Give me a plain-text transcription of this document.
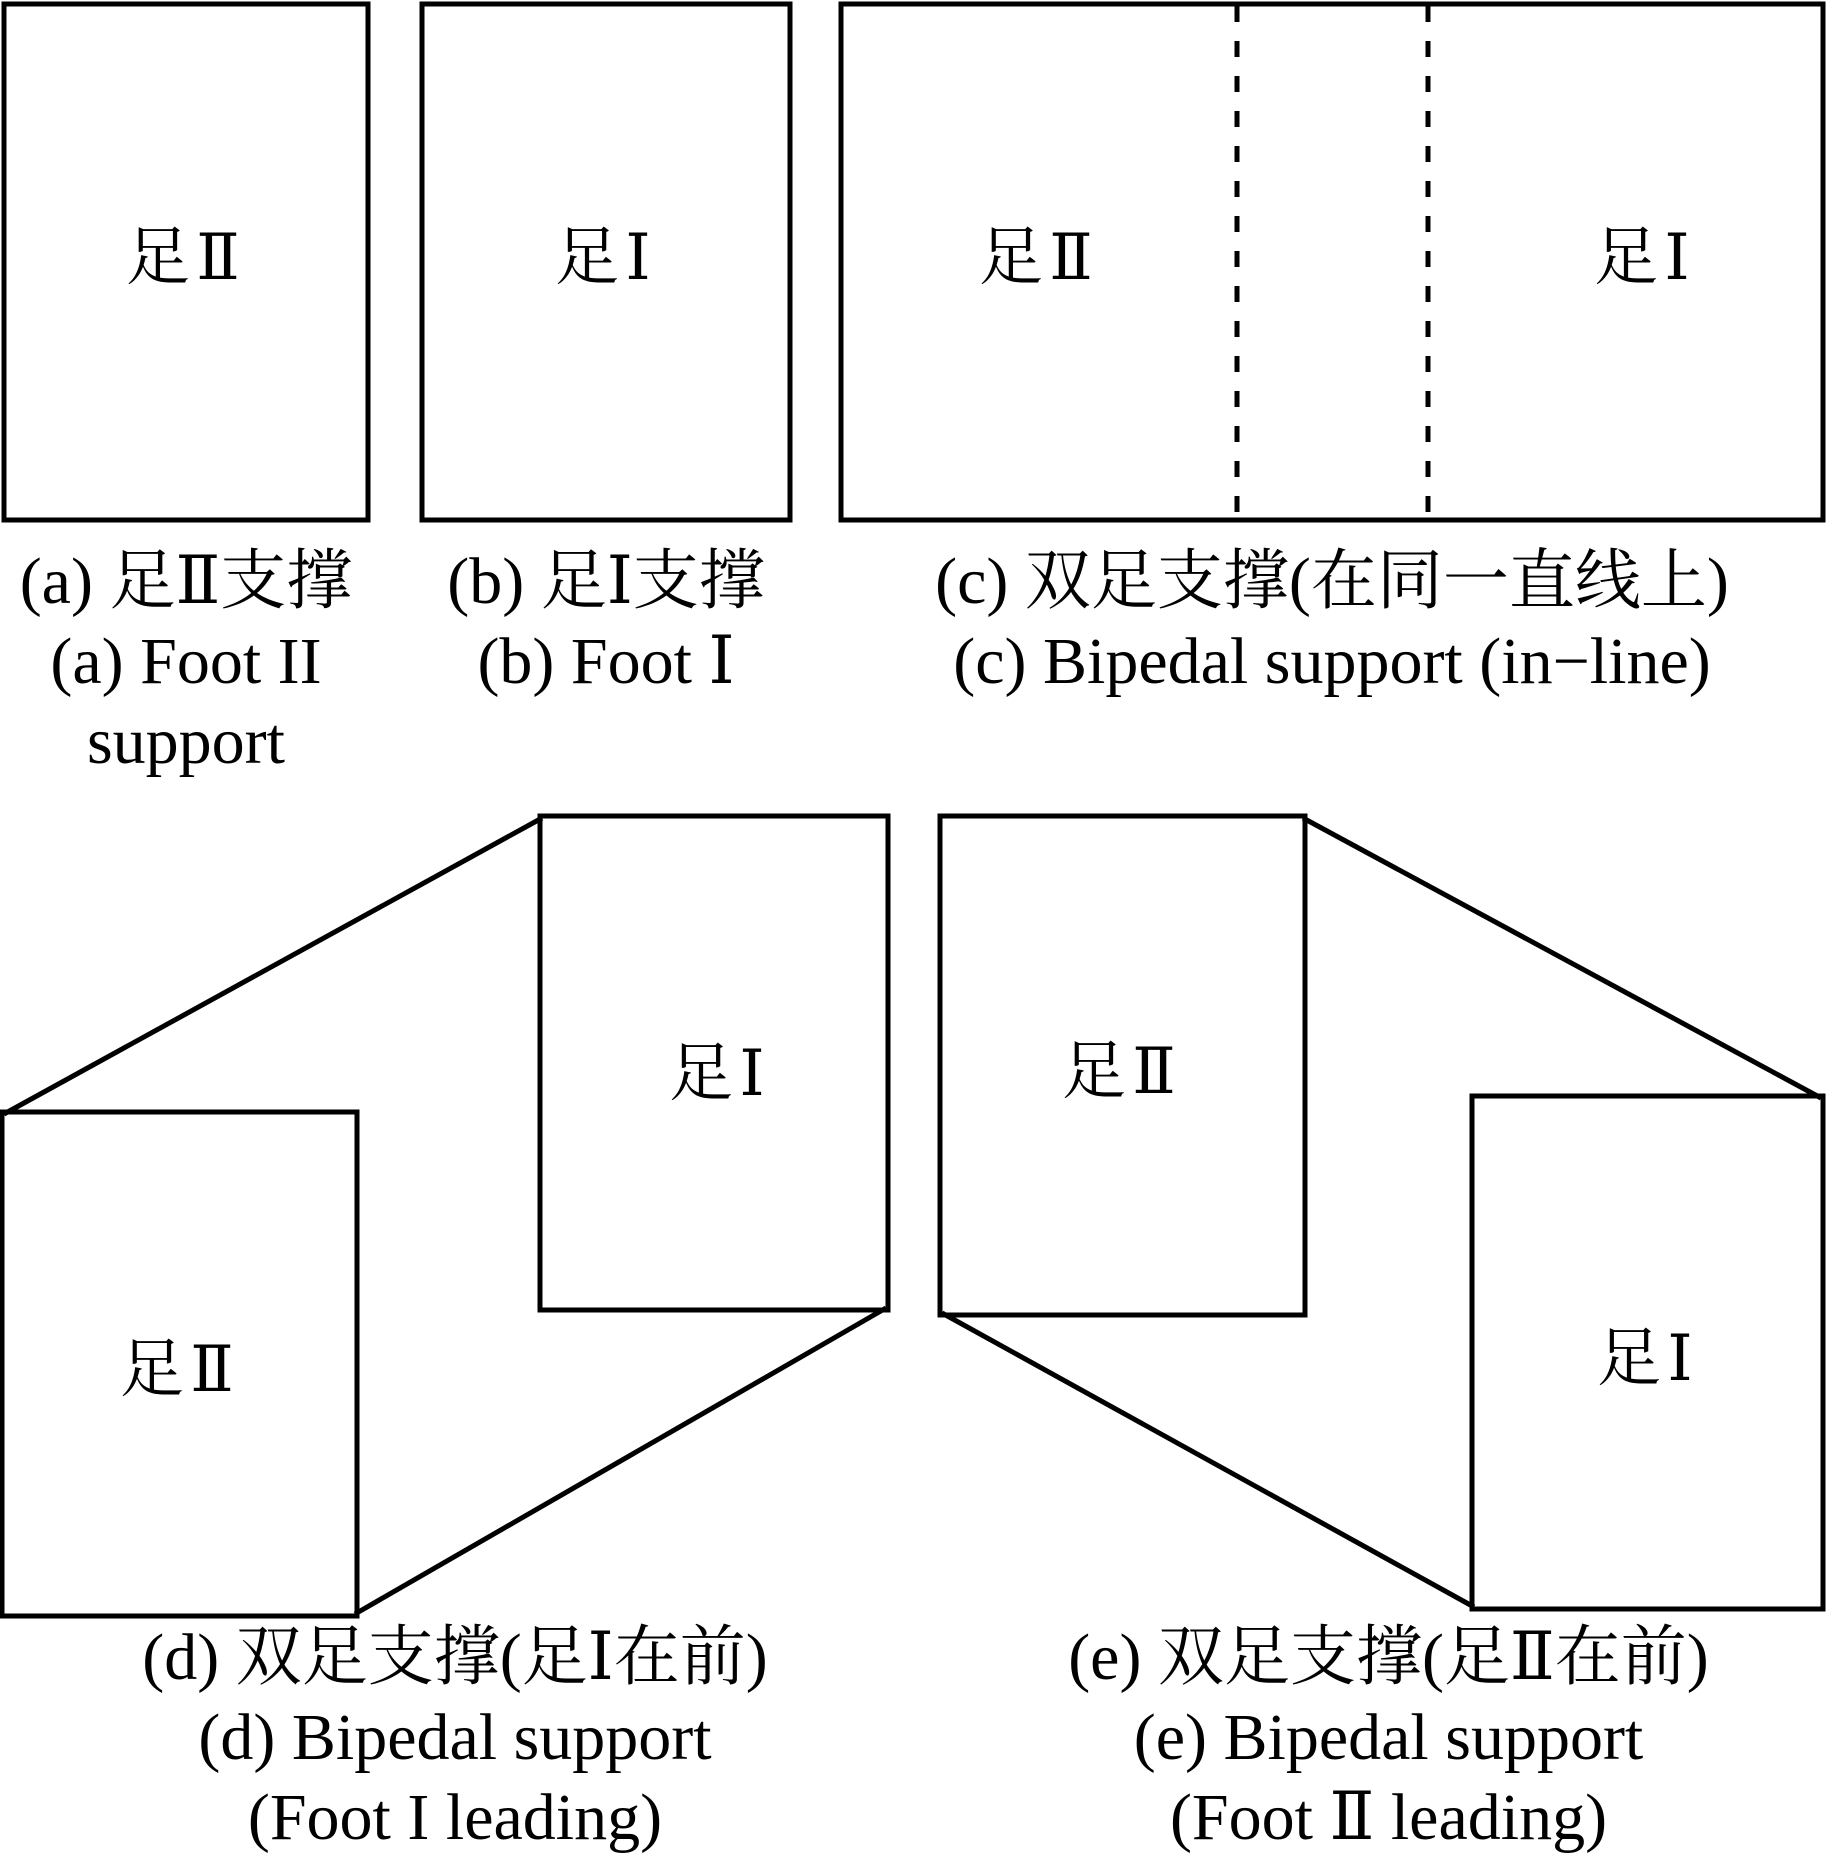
足Ⅱ	足Ⅰ	足Ⅱ	足Ⅰ
足Ⅱ
足Ⅰ	足Ⅱ
足Ⅰ
(a) 足Ⅱ支撑
(a) Foot II
support
(b) 足Ⅰ支撑
(b) Foot Ⅰ
(c) 双足支撑(在同一直线上)
(c) Bipedal support (in−line)
(d) 双足支撑(足Ⅰ在前)
(d) Bipedal support
(Foot I leading)
(e) 双足支撑(足Ⅱ在前)
(e) Bipedal support
(Foot Ⅱ leading)
